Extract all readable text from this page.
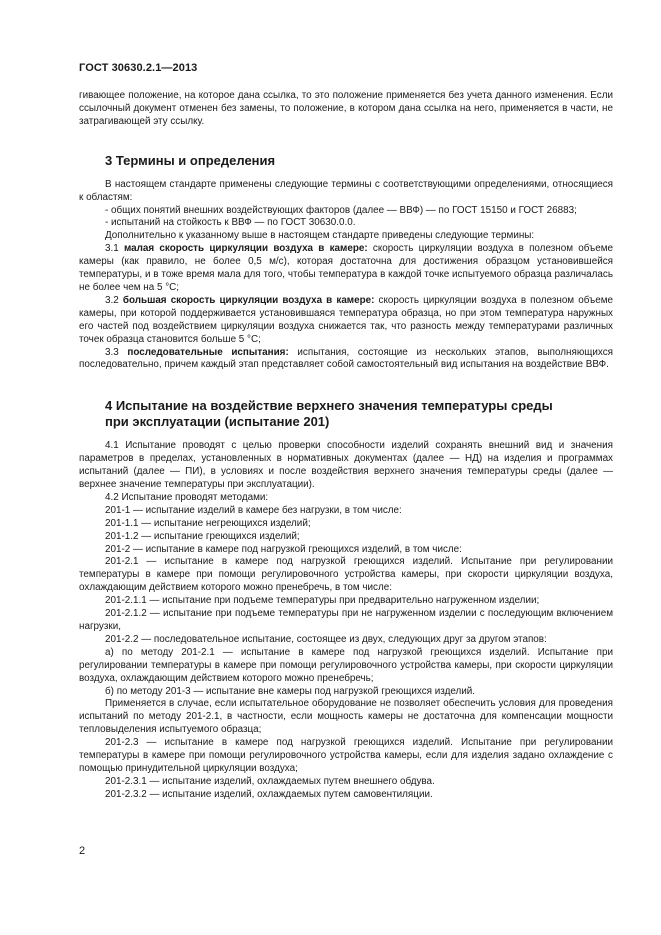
ГОСТ 30630.2.1—2013

гивающее положение, на которое дана ссылка, то это положение применяется без учета данного изменения. Если ссылочный документ отменен без замены, то положение, в котором дана ссылка на него, применяется в части, не затрагивающей эту ссылку.

3 Термины и определения

В настоящем стандарте применены следующие термины с соответствующими определениями, относящиеся к областям:

- общих понятий внешних воздействующих факторов (далее — ВВФ) — по ГОСТ 15150 и ГОСТ 26883;

- испытаний на стойкость к ВВФ — по ГОСТ 30630.0.0.

Дополнительно к указанному выше в настоящем стандарте приведены следующие термины:

3.1 малая скорость циркуляции воздуха в камере: скорость циркуляции воздуха в полезном объеме камеры (как правило, не более 0,5 м/с), которая достаточна для достижения образцом установившейся температуры, и в тоже время мала для того, чтобы температура в каждой точке испытуемого образца различалась не более чем на 5 °С;

3.2 большая скорость циркуляции воздуха в камере: скорость циркуляции воздуха в полезном объеме камеры, при которой поддерживается установившаяся температура образца, но при этом температура наружных его частей под воздействием циркуляции воздуха снижается так, что разность между температурами различных точек образца становится больше 5 °С;

3.3 последовательные испытания: испытания, состоящие из нескольких этапов, выполняющихся последовательно, причем каждый этап представляет собой самостоятельный вид испытания на воздействие ВВФ.

4 Испытание на воздействие верхнего значения температуры среды
при эксплуатации (испытание 201)

4.1 Испытание проводят с целью проверки способности изделий сохранять внешний вид и значения параметров в пределах, установленных в нормативных документах (далее — НД) на изделия и программах испытаний (далее — ПИ), в условиях и после воздействия верхнего значения температуры среды (далее — верхнее значение температуры при эксплуатации).

4.2 Испытание проводят методами:

201-1 — испытание изделий в камере без нагрузки, в том числе:

201-1.1 — испытание негреющихся изделий;

201-1.2 — испытание греющихся изделий;

201-2 — испытание в камере под нагрузкой греющихся изделий, в том числе:

201-2.1 — испытание в камере под нагрузкой греющихся изделий. Испытание при регулировании температуры в камере при помощи регулировочного устройства камеры, при скорости циркуляции воздуха, охлаждающим действием которого можно пренебречь, в том числе:

201-2.1.1 — испытание при подъеме температуры при предварительно нагруженном изделии;

201-2.1.2 — испытание при подъеме температуры при не нагруженном изделии с последующим включением нагрузки,

201-2.2 — последовательное испытание, состоящее из двух, следующих друг за другом этапов:

а) по методу 201-2.1 — испытание в камере под нагрузкой греющихся изделий. Испытание при регулировании температуры в камере при помощи регулировочного устройства камеры, при скорости циркуляции воздуха, охлаждающим действием которого можно пренебречь;

б) по методу 201-3 — испытание вне камеры под нагрузкой греющихся изделий.

Применяется в случае, если испытательное оборудование не позволяет обеспечить условия для проведения испытаний по методу 201-2.1, в частности, если мощность камеры не достаточна для компенсации мощности тепловыделения испытуемого образца;

201-2.3 — испытание в камере под нагрузкой греющихся изделий. Испытание при регулировании температуры в камере при помощи регулировочного устройства камеры, если для изделия задано охлаждение с помощью принудительной циркуляции воздуха;

201-2.3.1 — испытание изделий, охлаждаемых путем внешнего обдува.

201-2.3.2 — испытание изделий, охлаждаемых путем самовентиляции.

2
